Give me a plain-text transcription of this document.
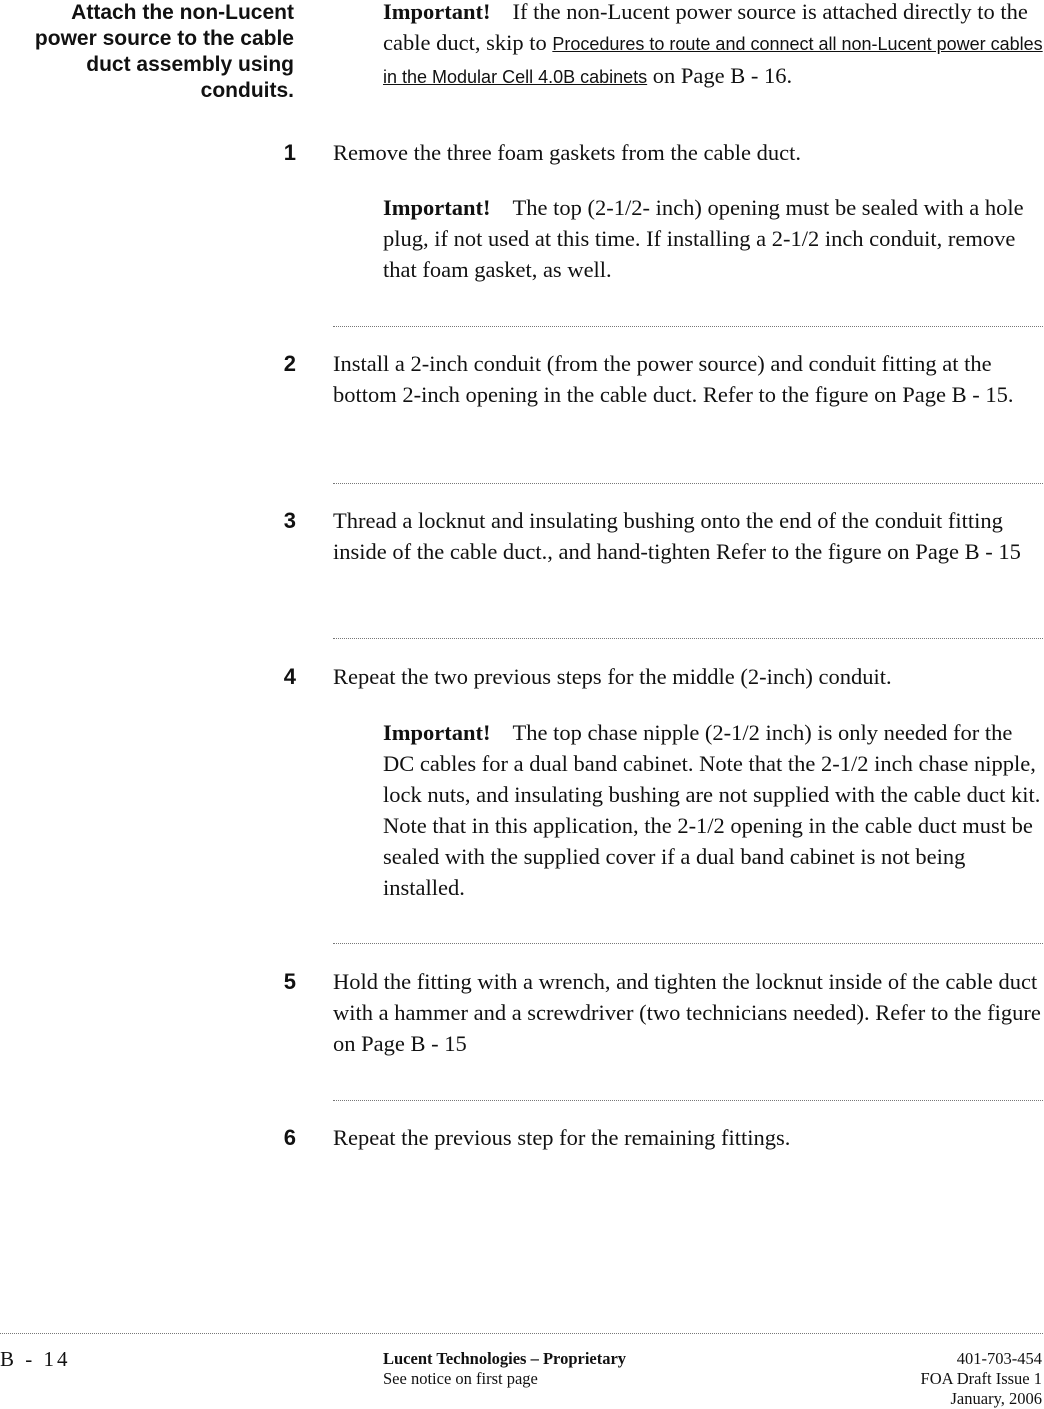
Attach the non-Lucent
power source to the cable
duct assembly using
conduits.
Important! If the non-Lucent power source is attached directly to the cable duct, skip to Procedures to route and connect all non-Lucent power cables in the Modular Cell 4.0B cabinets on Page B - 16.
1 Remove the three foam gaskets from the cable duct.
Important! The top (2-1/2- inch) opening must be sealed with a hole plug, if not used at this time. If installing a 2-1/2 inch conduit, remove that foam gasket, as well.
2 Install a 2-inch conduit (from the power source) and conduit fitting at the bottom 2-inch opening in the cable duct. Refer to the figure on Page B - 15.
3 Thread a locknut and insulating bushing onto the end of the conduit fitting inside of the cable duct., and hand-tighten Refer to the figure on Page B - 15
4 Repeat the two previous steps for the middle (2-inch) conduit.
Important! The top chase nipple (2-1/2 inch) is only needed for the DC cables for a dual band cabinet. Note that the 2-1/2 inch chase nipple, lock nuts, and insulating bushing are not supplied with the cable duct kit. Note that in this application, the 2-1/2 opening in the cable duct must be sealed with the supplied cover if a dual band cabinet is not being installed.
5 Hold the fitting with a wrench, and tighten the locknut inside of the cable duct with a hammer and a screwdriver (two technicians needed). Refer to the figure on Page B - 15
6 Repeat the previous step for the remaining fittings.
B - 14	Lucent Technologies – Proprietary
See notice on first page
401-703-454
FOA Draft Issue 1
January, 2006
